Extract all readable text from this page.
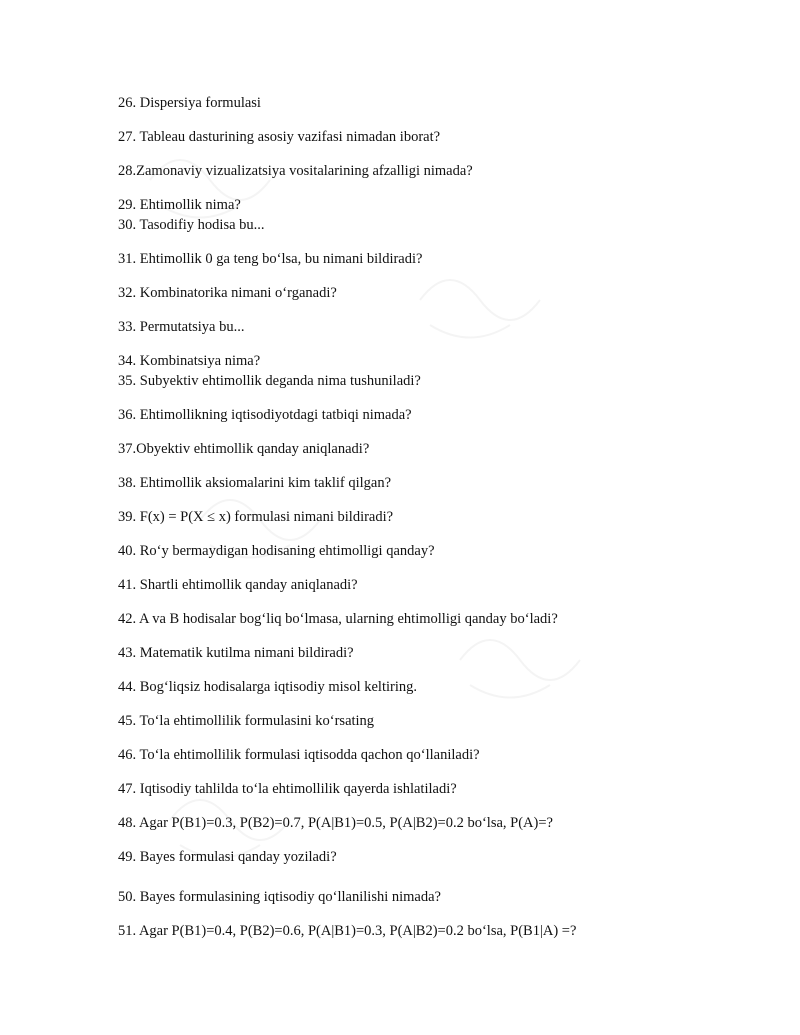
26. Dispersiya formulasi
27. Tableau dasturining asosiy vazifasi nimadan iborat?
28.Zamonaviy vizualizatsiya vositalarining afzalligi nimada?
29. Ehtimollik nima?
30. Tasodifiy hodisa bu...
31. Ehtimollik 0 ga teng bo‘lsa, bu nimani bildiradi?
32. Kombinatorika nimani o‘rganadi?
33. Permutatsiya bu...
34. Kombinatsiya nima?
35. Subyektiv ehtimollik deganda nima tushuniladi?
36. Ehtimollikning iqtisodiyotdagi tatbiqi nimada?
37.Obyektiv ehtimollik qanday aniqlanadi?
38. Ehtimollik aksiomalarini kim taklif qilgan?
39. F(x) = P(X ≤ x) formulasi nimani bildiradi?
40. Ro‘y bermaydigan hodisaning ehtimolligi qanday?
41. Shartli ehtimollik qanday aniqlanadi?
42. A va B hodisalar bog‘liq bo‘lmasa, ularning ehtimolligi qanday bo‘ladi?
43. Matematik kutilma nimani bildiradi?
44. Bog‘liqsiz hodisalarga iqtisodiy misol keltiring.
45. To‘la ehtimollilik formulasini ko‘rsating
46. To‘la ehtimollilik formulasi iqtisodda qachon qo‘llaniladi?
47. Iqtisodiy tahlilda to‘la ehtimollilik qayerda ishlatiladi?
48. Agar P(B1)=0.3, P(B2)=0.7, P(A|B1)=0.5, P(A|B2)=0.2 bo‘lsa, P(A)=?
49. Bayes formulasi qanday yoziladi?
50. Bayes formulasining iqtisodiy qo‘llanilishi nimada?
51. Agar P(B1)=0.4, P(B2)=0.6, P(A|B1)=0.3, P(A|B2)=0.2 bo‘lsa, P(B1|A) =?
